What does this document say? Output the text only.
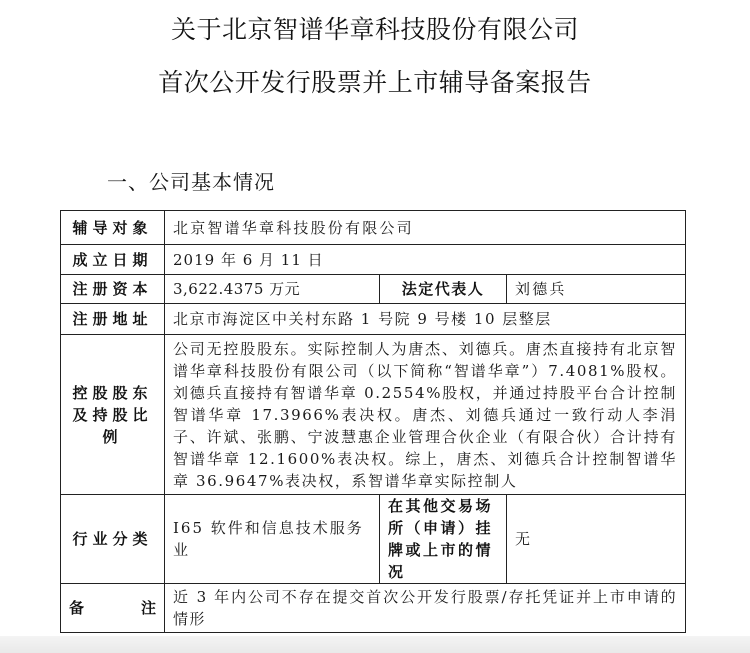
关于北京智谱华章科技股份有限公司
首次公开发行股票并上市辅导备案报告
一、公司基本情况
辅导对象	北京智谱华章科技股份有限公司		
成立日期	2019 年 6 月 11 日		
注册资本	3,622.4375 万元	法定代表人	刘德兵
注册地址	北京市海淀区中关村东路 1 号院 9 号楼 10 层整层		
控股股东及持股比例	公司无控股股东。实际控制人为唐杰、刘德兵。唐杰直接持有北京智谱华章科技股份有限公司（以下简称“智谱华章”）7.4081%股权。刘德兵直接持有智谱华章 0.2554%股权，并通过持股平台合计控制智谱华章 17.3966%表决权。唐杰、刘德兵通过一致行动人李涓子、许斌、张鹏、宁波慧惠企业管理合伙企业（有限合伙）合计持有智谱华章 12.1600%表决权。综上，唐杰、刘德兵合计控制智谱华章 36.9647%表决权，系智谱华章实际控制人		
行业分类	I65 软件和信息技术服务业	在其他交易场所（申请）挂牌或上市的情况	无

备 注	近 3 年内公司不存在提交首次公开发行股票/存托凭证并上市申请的情形		
